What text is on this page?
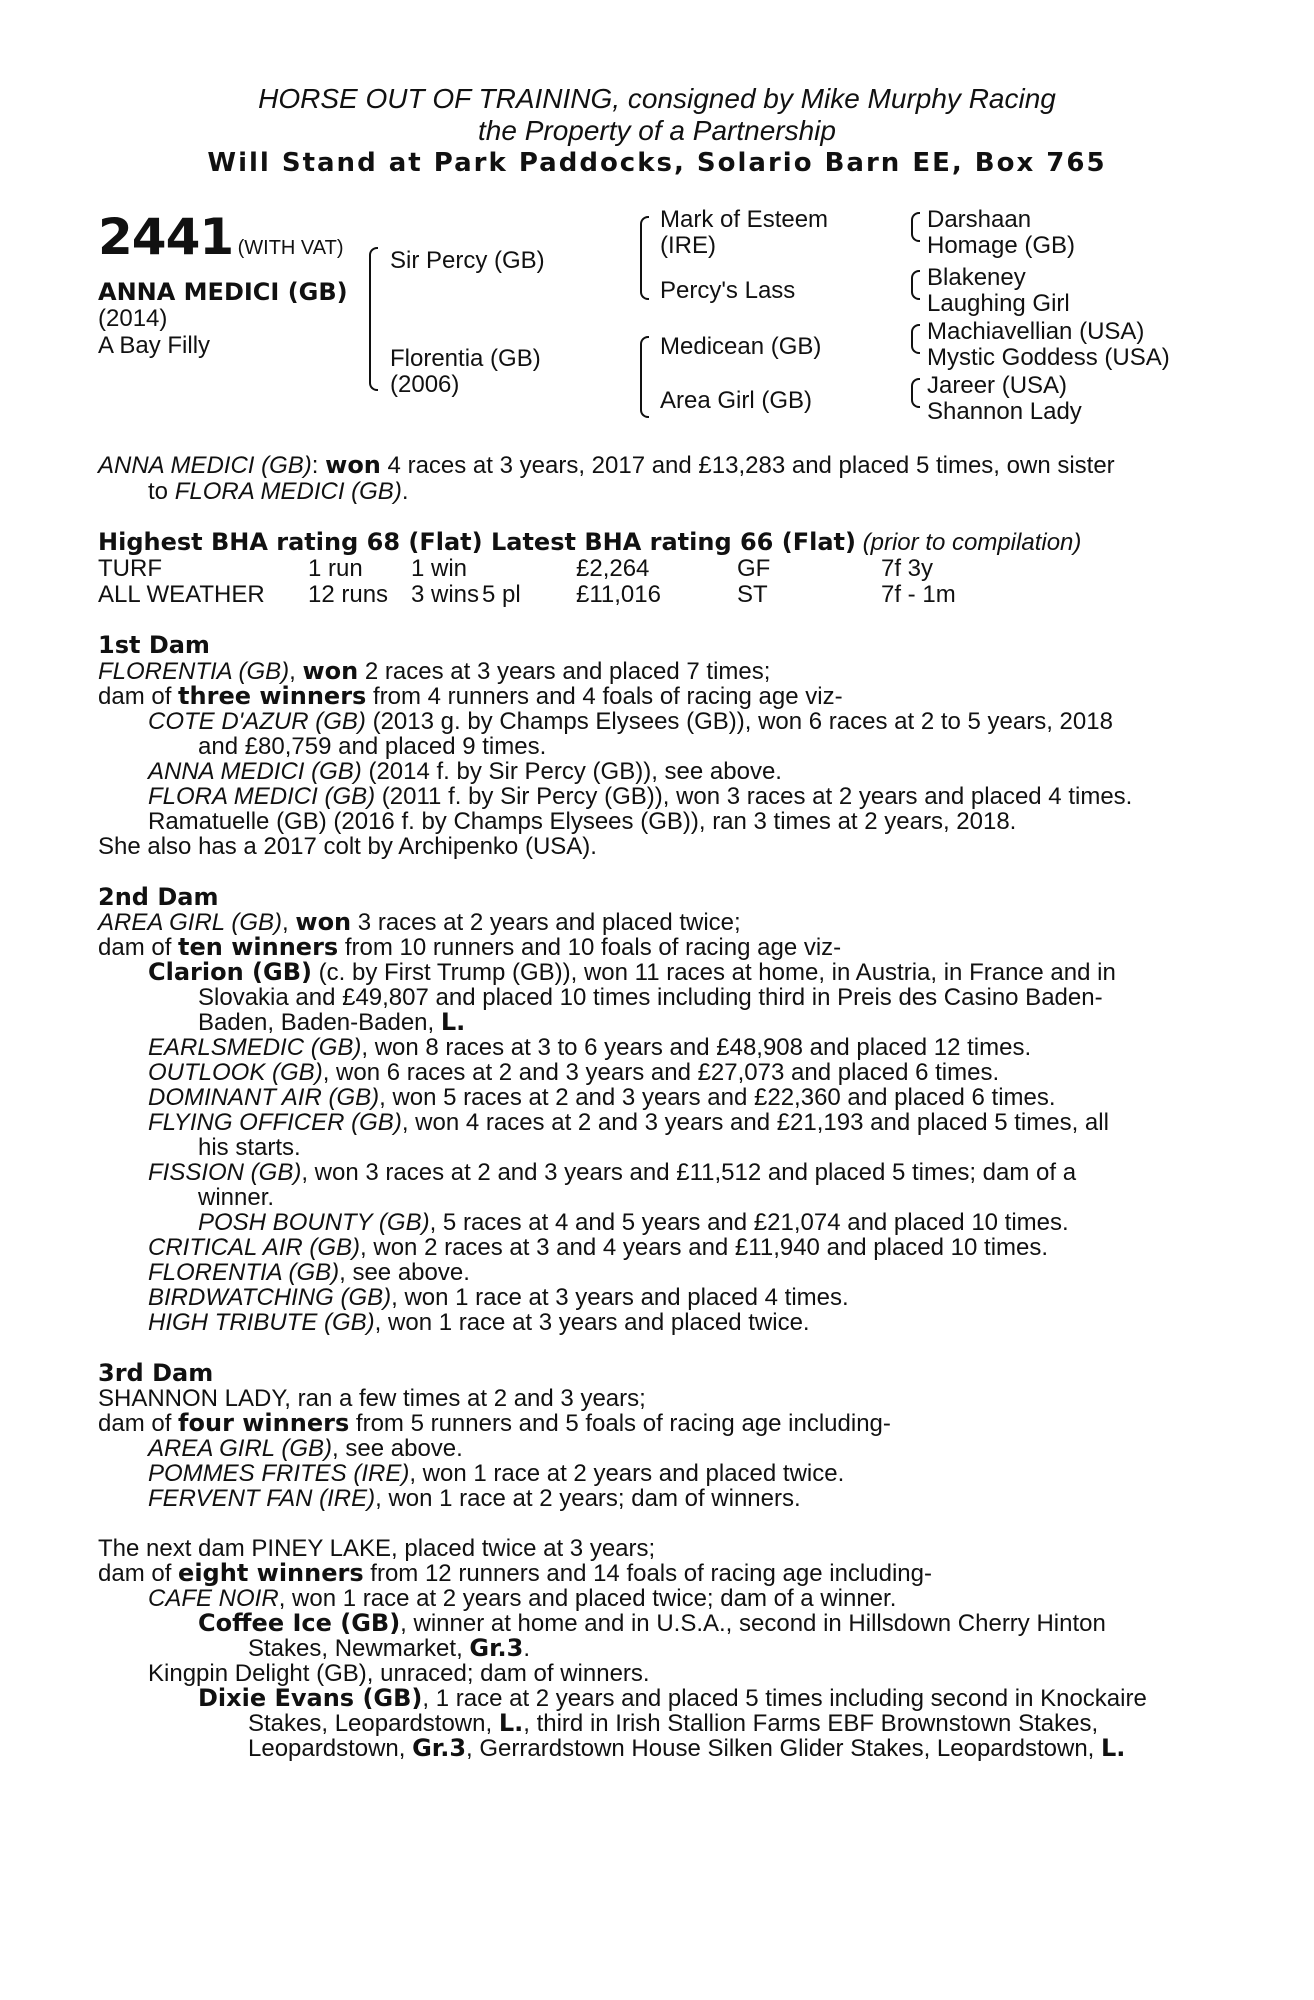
HORSE OUT OF TRAINING, consigned by Mike Murphy Racing
the Property of a Partnership
Will Stand at Park Paddocks, Solario Barn EE, Box 765
2441 (WITH VAT)
ANNA MEDICI (GB)
(2014)
A Bay Filly
Sir Percy (GB)
Florentia (GB)
(2006)
Mark of Esteem
(IRE)
Percy's Lass
Medicean (GB)
Area Girl (GB)
Darshaan
Homage (GB)
Blakeney
Laughing Girl
Machiavellian (USA)
Mystic Goddess (USA)
Jareer (USA)
Shannon Lady
ANNA MEDICI (GB): won 4 races at 3 years, 2017 and £13,283 and placed 5 times, own sister
to FLORA MEDICI (GB).
Highest BHA rating 68 (Flat) Latest BHA rating 66 (Flat) (prior to compilation)
TURF	1 run 1 win	£2,264	GF	7f 3y
ALL WEATHER 12 runs 3 wins 5 pl £11,016	ST	7f - 1m
1st Dam
FLORENTIA (GB), won 2 races at 3 years and placed 7 times;
dam of three winners from 4 runners and 4 foals of racing age viz-
COTE D'AZUR (GB) (2013 g. by Champs Elysees (GB)), won 6 races at 2 to 5 years, 2018
and £80,759 and placed 9 times.
ANNA MEDICI (GB) (2014 f. by Sir Percy (GB)), see above.
FLORA MEDICI (GB) (2011 f. by Sir Percy (GB)), won 3 races at 2 years and placed 4 times.
Ramatuelle (GB) (2016 f. by Champs Elysees (GB)), ran 3 times at 2 years, 2018.
She also has a 2017 colt by Archipenko (USA).
2nd Dam
AREA GIRL (GB), won 3 races at 2 years and placed twice;
dam of ten winners from 10 runners and 10 foals of racing age viz-
Clarion (GB) (c. by First Trump (GB)), won 11 races at home, in Austria, in France and in
Slovakia and £49,807 and placed 10 times including third in Preis des Casino Baden-
Baden, Baden-Baden, L.
EARLSMEDIC (GB), won 8 races at 3 to 6 years and £48,908 and placed 12 times.
OUTLOOK (GB), won 6 races at 2 and 3 years and £27,073 and placed 6 times.
DOMINANT AIR (GB), won 5 races at 2 and 3 years and £22,360 and placed 6 times.
FLYING OFFICER (GB), won 4 races at 2 and 3 years and £21,193 and placed 5 times, all
his starts.
FISSION (GB), won 3 races at 2 and 3 years and £11,512 and placed 5 times; dam of a
winner.
POSH BOUNTY (GB), 5 races at 4 and 5 years and £21,074 and placed 10 times.
CRITICAL AIR (GB), won 2 races at 3 and 4 years and £11,940 and placed 10 times.
FLORENTIA (GB), see above.
BIRDWATCHING (GB), won 1 race at 3 years and placed 4 times.
HIGH TRIBUTE (GB), won 1 race at 3 years and placed twice.
3rd Dam
SHANNON LADY, ran a few times at 2 and 3 years;
dam of four winners from 5 runners and 5 foals of racing age including-
AREA GIRL (GB), see above.
POMMES FRITES (IRE), won 1 race at 2 years and placed twice.
FERVENT FAN (IRE), won 1 race at 2 years; dam of winners.
The next dam PINEY LAKE, placed twice at 3 years;
dam of eight winners from 12 runners and 14 foals of racing age including-
CAFE NOIR, won 1 race at 2 years and placed twice; dam of a winner.
Coffee Ice (GB), winner at home and in U.S.A., second in Hillsdown Cherry Hinton
Stakes, Newmarket, Gr.3.
Kingpin Delight (GB), unraced; dam of winners.
Dixie Evans (GB), 1 race at 2 years and placed 5 times including second in Knockaire
Stakes, Leopardstown, L., third in Irish Stallion Farms EBF Brownstown Stakes,
Leopardstown, Gr.3, Gerrardstown House Silken Glider Stakes, Leopardstown, L.
